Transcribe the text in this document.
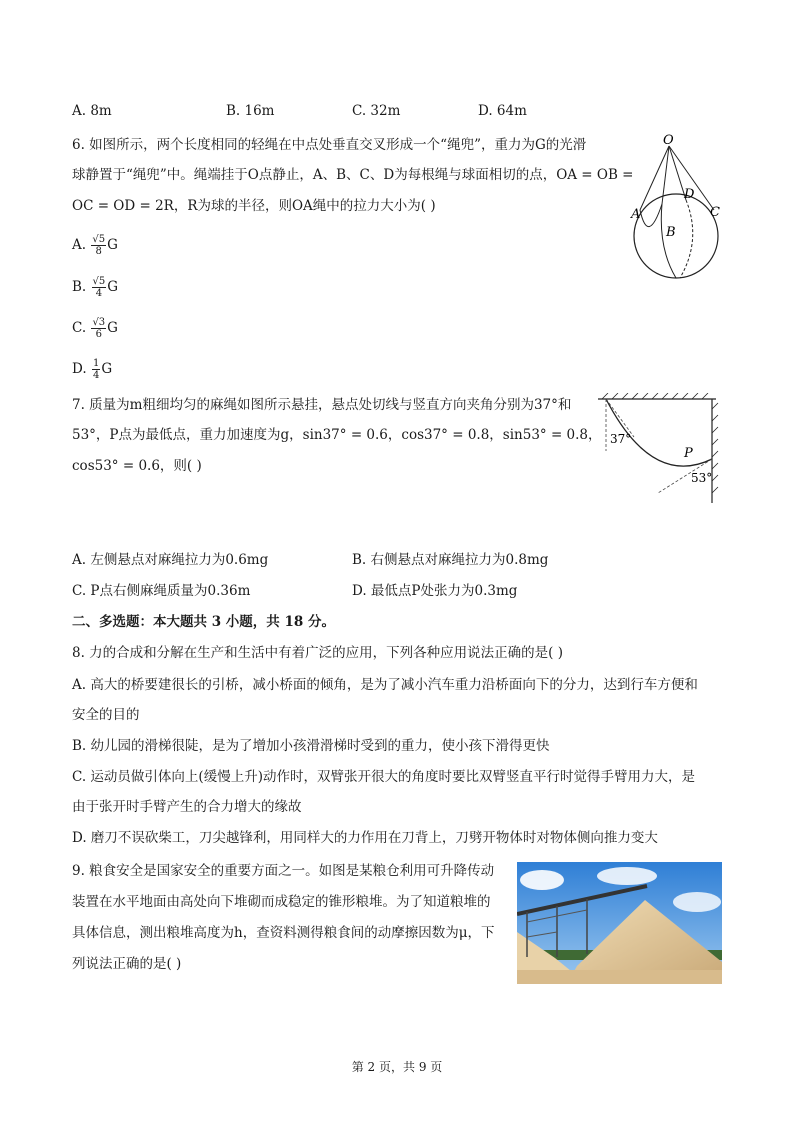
A. 8m	B. 16m	C. 32m	D. 64m
6. 如图所示，两个长度相同的轻绳在中点处垂直交叉形成一个“绳兜”，重力为G的光滑
球静置于“绳兜”中。绳端挂于O点静止，A、B、C、D为每根绳与球面相切的点，OA = OB =
OC = OD = 2R，R为球的半径，则OA绳中的拉力大小为( )
A. $\frac{√5}{8}$ G
B. $\frac{√5}{4}$ G
C. $\frac{√3}{6}$ G
D. $\frac{1}{4}$ G
O
A
B
C
D
7. 质量为m粗细均匀的麻绳如图所示悬挂，悬点处切线与竖直方向夹角分别为37°和
53°，P点为最低点，重力加速度为g，sin37° = 0.6，cos37° = 0.8，sin53° = 0.8，
cos53° = 0.6，则( )
37°
53°
P
A. 左侧悬点对麻绳拉力为0.6mg	B. 右侧悬点对麻绳拉力为0.8mg
C. P点右侧麻绳质量为0.36m	D. 最低点P处张力为0.3mg
二、多选题：本大题共 3 小题，共 18 分。
8. 力的合成和分解在生产和生活中有着广泛的应用，下列各种应用说法正确的是( )
A. 高大的桥要建很长的引桥，减小桥面的倾角，是为了减小汽车重力沿桥面向下的分力，达到行车方便和
安全的目的
B. 幼儿园的滑梯很陡，是为了增加小孩滑滑梯时受到的重力，使小孩下滑得更快
C. 运动员做引体向上(缓慢上升)动作时，双臂张开很大的角度时要比双臂竖直平行时觉得手臂用力大，是
由于张开时手臂产生的合力增大的缘故
D. 磨刀不误砍柴工，刀尖越锋利，用同样大的力作用在刀背上，刀劈开物体时对物体侧向推力变大
9. 粮食安全是国家安全的重要方面之一。如图是某粮仓利用可升降传动
装置在水平地面由高处向下堆砌而成稳定的锥形粮堆。为了知道粮堆的
具体信息，测出粮堆高度为h，查资料测得粮食间的动摩擦因数为μ，下
列说法正确的是( )
第 2 页，共 9 页
